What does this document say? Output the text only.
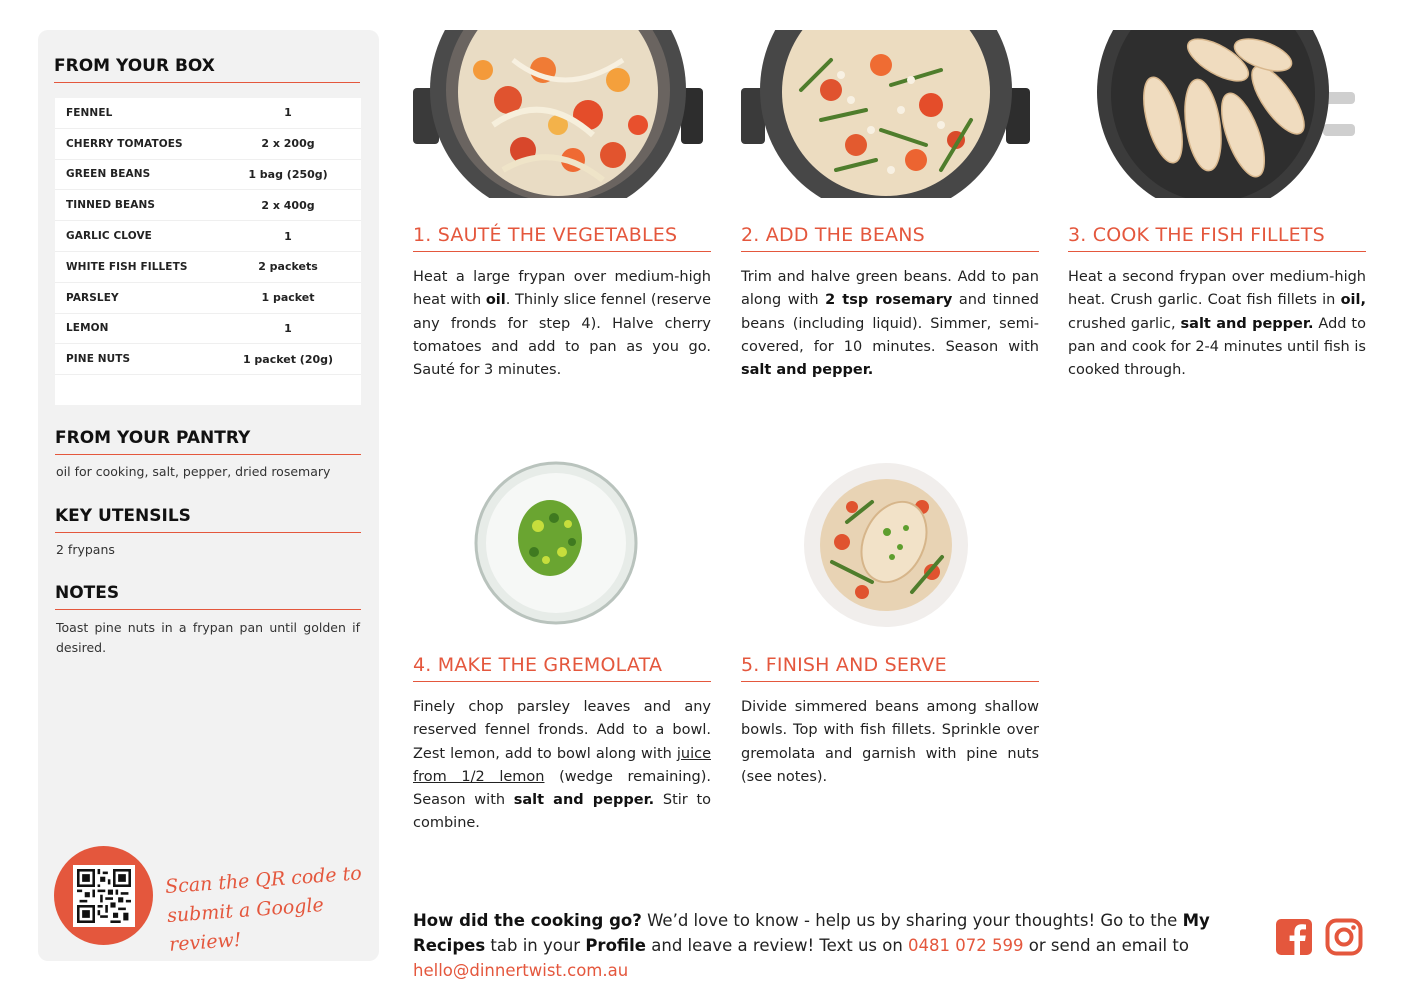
FROM YOUR BOX
FENNEL	1
CHERRY TOMATOES	2 x 200g
GREEN BEANS	1 bag (250g)
TINNED BEANS	2 x 400g
GARLIC CLOVE	1
WHITE FISH FILLETS	2 packets
PARSLEY	1 packet
LEMON	1
PINE NUTS	1 packet (20g)
FROM YOUR PANTRY
oil for cooking, salt, pepper, dried rosemary
KEY UTENSILS
2 frypans
NOTES
Toast pine nuts in a frypan pan until golden if desired.
Scan the QR code to
submit a Google review!
1. SAUTÉ THE VEGETABLES
Heat a large frypan over medium-high heat with oil. Thinly slice fennel (reserve any fronds for step 4). Halve cherry tomatoes and add to pan as you go. Sauté for 3 minutes.
2. ADD THE BEANS
Trim and halve green beans. Add to pan along with 2 tsp rosemary and tinned beans (including liquid). Simmer, semi-covered, for 10 minutes. Season with salt and pepper.
3. COOK THE FISH FILLETS
Heat a second frypan over medium-high heat. Crush garlic. Coat fish fillets in oil, crushed garlic, salt and pepper. Add to pan and cook for 2-4 minutes until fish is cooked through.
4. MAKE THE GREMOLATA
Finely chop parsley leaves and any reserved fennel fronds. Add to a bowl. Zest lemon, add to bowl along with juice from 1/2 lemon (wedge remaining). Season with salt and pepper. Stir to combine.
5. FINISH AND SERVE
Divide simmered beans among shallow bowls. Top with fish fillets. Sprinkle over gremolata and garnish with pine nuts (see notes).
How did the cooking go? We’d love to know - help us by sharing your thoughts! Go to the My Recipes tab in your Profile and leave a review! Text us on 0481 072 599 or send an email to hello@dinnertwist.com.au
